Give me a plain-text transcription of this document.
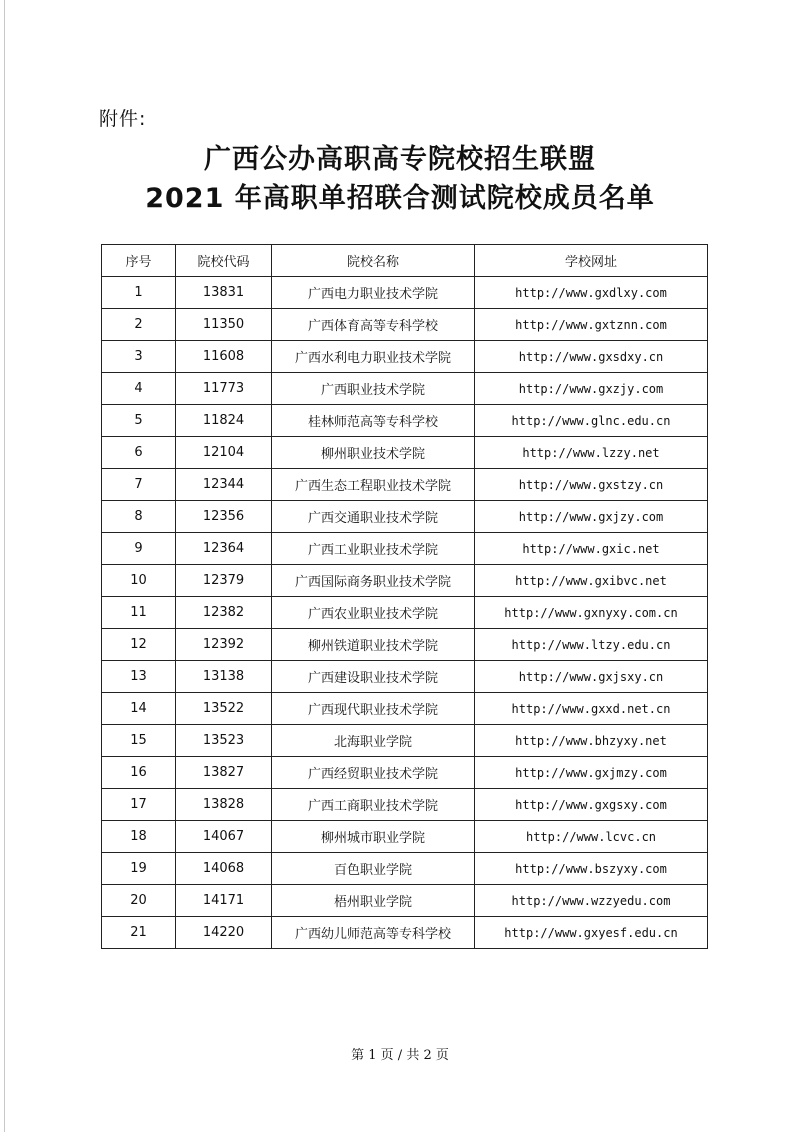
附件:
广西公办高职高专院校招生联盟
2021 年高职单招联合测试院校成员名单
序号	院校代码	院校名称	学校网址
1	13831	广西电力职业技术学院	http://www.gxdlxy.com
2	11350	广西体育高等专科学校	http://www.gxtznn.com
3	11608	广西水利电力职业技术学院	http://www.gxsdxy.cn
4	11773	广西职业技术学院	http://www.gxzjy.com
5	11824	桂林师范高等专科学校	http://www.glnc.edu.cn
6	12104	柳州职业技术学院	http://www.lzzy.net
7	12344	广西生态工程职业技术学院	http://www.gxstzy.cn
8	12356	广西交通职业技术学院	http://www.gxjzy.com
9	12364	广西工业职业技术学院	http://www.gxic.net
10	12379	广西国际商务职业技术学院	http://www.gxibvc.net
11	12382	广西农业职业技术学院	http://www.gxnyxy.com.cn
12	12392	柳州铁道职业技术学院	http://www.ltzy.edu.cn
13	13138	广西建设职业技术学院	http://www.gxjsxy.cn
14	13522	广西现代职业技术学院	http://www.gxxd.net.cn
15	13523	北海职业学院	http://www.bhzyxy.net
16	13827	广西经贸职业技术学院	http://www.gxjmzy.com
17	13828	广西工商职业技术学院	http://www.gxgsxy.com
18	14067	柳州城市职业学院	http://www.lcvc.cn
19	14068	百色职业学院	http://www.bszyxy.com
20	14171	梧州职业学院	http://www.wzzyedu.com
21	14220	广西幼儿师范高等专科学校	http://www.gxyesf.edu.cn
第 1 页 / 共 2 页
